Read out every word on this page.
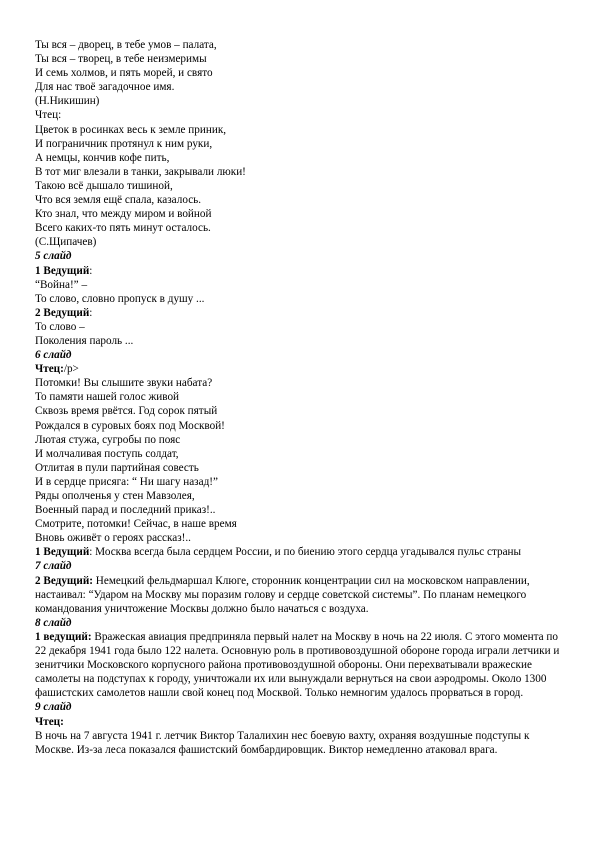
Ты вся – дворец, в тебе умов – палата,
Ты вся – творец, в тебе неизмеримы
И семь холмов, и пять морей, и свято
Для нас твоё загадочное имя.
(Н.Никишин)
Чтец:
Цветок в росинках весь к земле приник,
И пограничник протянул к ним руки,
А немцы, кончив кофе пить,
В тот миг влезали в танки, закрывали люки!
Такою всё дышало тишиной,
Что вся земля ещё спала, казалось.
Кто знал, что между миром и войной
Всего каких-то пять минут осталось.
(С.Щипачев)
5 слайд
1 Ведущий:
“Война!” –
То слово, словно пропуск в душу ...
2 Ведущий:
То слово –
Поколения пароль ...
6 слайд
Чтец:/p>
Потомки! Вы слышите звуки набата?
То памяти нашей голос живой
Сквозь время рвётся. Год сорок пятый
Рождался в суровых боях под Москвой!
Лютая стужа, сугробы по пояс
И молчаливая поступь солдат,
Отлитая в пули партийная совесть
И в сердце присяга: “ Ни шагу назад!”
Ряды ополченья у стен Мавзолея,
Военный парад и последний приказ!..
Смотрите, потомки! Сейчас, в наше время
Вновь оживёт о героях рассказ!..
1 Ведущий: Москва всегда была сердцем России, и по биению этого сердца угадывался пульс страны
7 слайд
2 Ведущий: Немецкий фельдмаршал Клюге, сторонник концентрации сил на московском направлении, настаивал: “Ударом на Москву мы поразим голову и сердце советской системы”. По планам немецкого командования уничтожение Москвы должно было начаться с воздуха.
8 слайд
1 ведущий: Вражеская авиация предприняла первый налет на Москву в ночь на 22 июля. С этого момента по 22 декабря 1941 года было 122 налета. Основную роль в противовоздушной обороне города играли летчики и зенитчики Московского корпусного района противовоздушной обороны. Они перехватывали вражеские самолеты на подступах к городу, уничтожали их или вынуждали вернуться на свои аэродромы. Около 1300 фашистских самолетов нашли свой конец под Москвой. Только немногим удалось прорваться в город.
9 слайд
Чтец:
В ночь на 7 августа 1941 г. летчик Виктор Талалихин нес боевую вахту, охраняя воздушные подступы к Москве. Из-за леса показался фашистский бомбардировщик. Виктор немедленно атаковал врага.
